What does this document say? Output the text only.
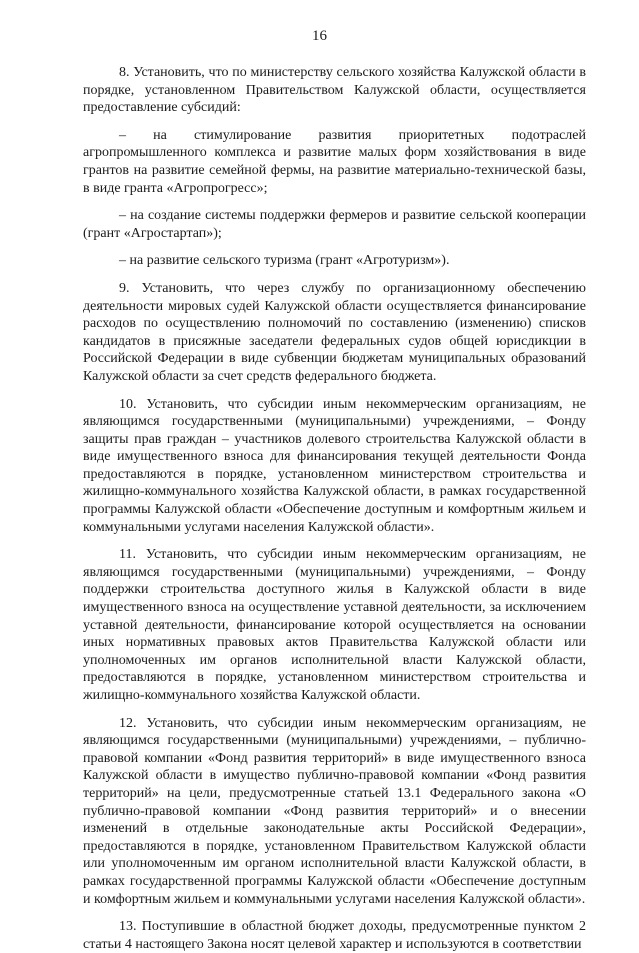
16

8. Установить, что по министерству сельского хозяйства Калужской области в порядке, установленном Правительством Калужской области, осуществляется предоставление субсидий:

– на стимулирование развития приоритетных подотраслей агропромышленного комплекса и развитие малых форм хозяйствования в виде грантов на развитие семейной фермы, на развитие материально-технической базы, в виде гранта «Агропрогресс»;

– на создание системы поддержки фермеров и развитие сельской кооперации (грант «Агростартап»);

– на развитие сельского туризма (грант «Агротуризм»).

9. Установить, что через службу по организационному обеспечению деятельности мировых судей Калужской области осуществляется финансирование расходов по осуществлению полномочий по составлению (изменению) списков кандидатов в присяжные заседатели федеральных судов общей юрисдикции в Российской Федерации в виде субвенции бюджетам муниципальных образований Калужской области за счет средств федерального бюджета.

10. Установить, что субсидии иным некоммерческим организациям, не являющимся государственными (муниципальными) учреждениями, – Фонду защиты прав граждан – участников долевого строительства Калужской области в виде имущественного взноса для финансирования текущей деятельности Фонда предоставляются в порядке, установленном министерством строительства и жилищно-коммунального хозяйства Калужской области, в рамках государственной программы Калужской области «Обеспечение доступным и комфортным жильем и коммунальными услугами населения Калужской области».

11. Установить, что субсидии иным некоммерческим организациям, не являющимся государственными (муниципальными) учреждениями, – Фонду поддержки строительства доступного жилья в Калужской области в виде имущественного взноса на осуществление уставной деятельности, за исключением уставной деятельности, финансирование которой осуществляется на основании иных нормативных правовых актов Правительства Калужской области или уполномоченных им органов исполнительной власти Калужской области, предоставляются в порядке, установленном министерством строительства и жилищно-коммунального хозяйства Калужской области.

12. Установить, что субсидии иным некоммерческим организациям, не являющимся государственными (муниципальными) учреждениями, – публично-правовой компании «Фонд развития территорий» в виде имущественного взноса Калужской области в имущество публично-правовой компании «Фонд развития территорий» на цели, предусмотренные статьей 13.1 Федерального закона «О публично-правовой компании «Фонд развития территорий» и о внесении изменений в отдельные законодательные акты Российской Федерации», предоставляются в порядке, установленном Правительством Калужской области или уполномоченным им органом исполнительной власти Калужской области, в рамках государственной программы Калужской области «Обеспечение доступным и комфортным жильем и коммунальными услугами населения Калужской области».

13. Поступившие в областной бюджет доходы, предусмотренные пунктом 2 статьи 4 настоящего Закона носят целевой характер и используются в соответствии
